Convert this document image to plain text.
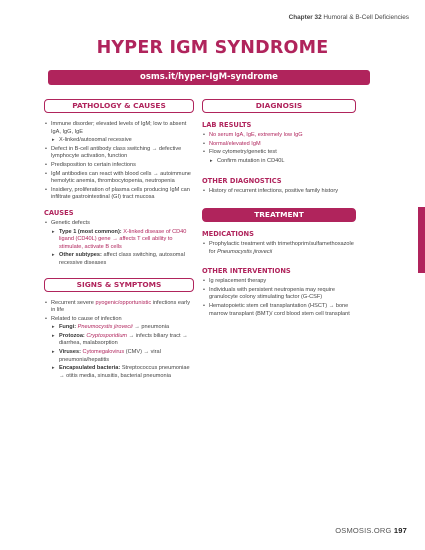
Chapter 32 Humoral & B-Cell Deficiencies
HYPER IGM SYNDROME
osms.it/hyper-IgM-syndrome
PATHOLOGY & CAUSES
• Immune disorder; elevated levels of IgM; low to absent IgA, IgG, IgE
▸ X-linked/autosomal recessive
• Defect in B-cell antibody class switching → defective lymphocyte activation, function
• Predisposition to certain infections
• IgM antibodies can react with blood cells → autoimmune hemolytic anemia, thrombocytopenia, neutropenia
• Insidiery, proliferation of plasma cells producing IgM can infiltrate gastrointestinal (GI) tract mucosa
CAUSES
• Genetic defects
▸ Type 1 (most common): X-linked disease of CD40 ligand (CD40L) gene → affects T cell ability to stimulate, activate B cells
▸ Other subtypes: affect class switching, autosomal recessive diseases
SIGNS & SYMPTOMS
• Recurrent severe pyogenic/opportunistic infections early in life
• Related to cause of infection
▸ Fungi: Pneumocystis jirovecii → pneumonia
▸ Protozoa: Cryptosporidium → infects biliary tract → diarrhea, malabsorption
▸ Viruses: Cytomegalovirus (CMV) → viral pneumonia/hepatitis
▸ Encapsulated bacteria: Streptococcus pneumoniae → otitis media, sinusitis, bacterial pneumonia
DIAGNOSIS
LAB RESULTS
• No serum IgA, IgE, extremely low IgG
• Normal/elevated IgM
• Flow cytometry/genetic test
▸ Confirm mutation in CD40L
OTHER DIAGNOSTICS
• History of recurrent infections, positive family history
TREATMENT
MEDICATIONS
• Prophylactic treatment with trimethoprim/sulfamethoxazole for Pneumocystis jirovecii
OTHER INTERVENTIONS
• Ig replacement therapy
• Individuals with persistent neutropenia may require granulocyte colony stimulating factor (G-CSF)
• Hematopoietic stem cell transplantation (HSCT) → bone marrow transplant (BMT)/ cord blood stem cell transplant
OSMOSIS.ORG 197
